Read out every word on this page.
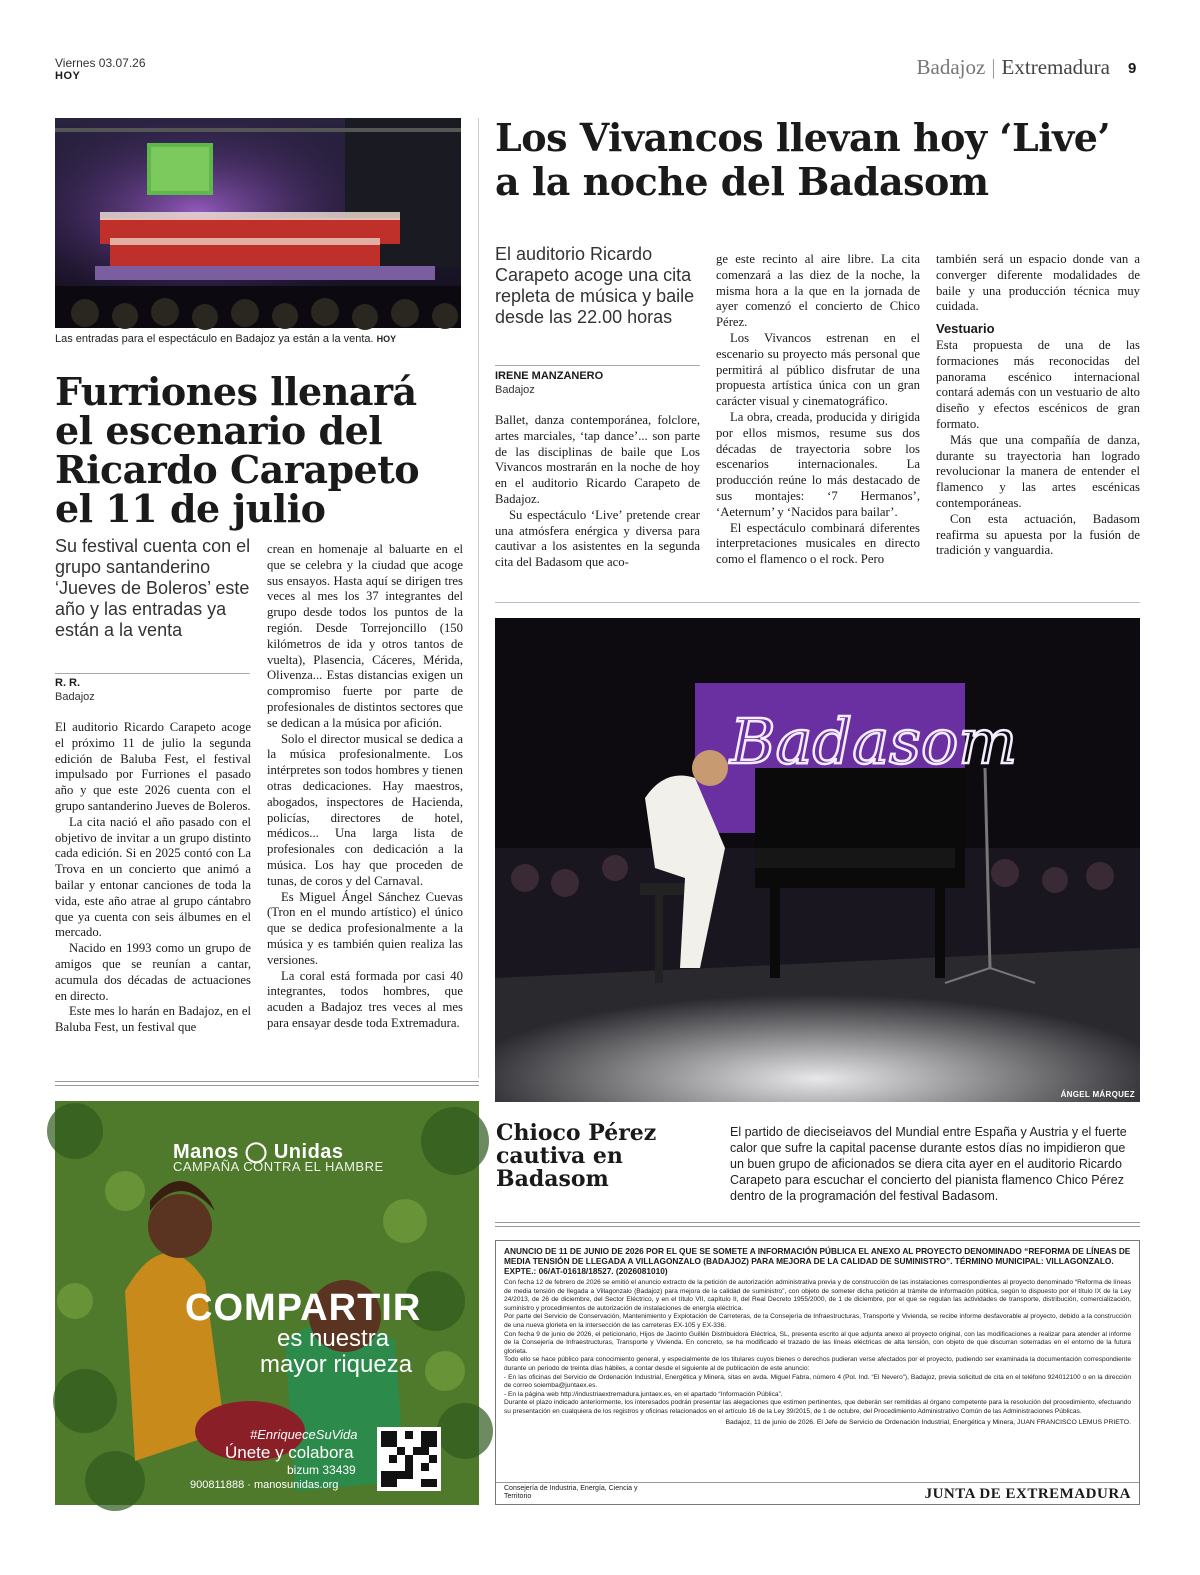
Viernes 03.07.26
HOY	Badajoz | Extremadura 9
Las entradas para el espectáculo en Badajoz ya están a la venta. HOY
Furriones llenará el escenario del Ricardo Carapeto el 11 de julio
Su festival cuenta con el grupo santanderino ‘Jueves de Boleros’ este año y las entradas ya están a la venta
R. R.
Badajoz

El auditorio Ricardo Carapeto acoge el próximo 11 de julio la segunda edición de Baluba Fest, el festival impulsado por Furriones el pasado año y que este 2026 cuenta con el grupo santanderino Jueves de Boleros.

La cita nació el año pasado con el objetivo de invitar a un grupo distinto cada edición. Si en 2025 contó con La Trova en un concierto que animó a bailar y entonar canciones de toda la vida, este año atrae al grupo cántabro que ya cuenta con seis álbumes en el mercado.

Nacido en 1993 como un grupo de amigos que se reunían a cantar, acumula dos décadas de actuaciones en directo.

Este mes lo harán en Badajoz, en el Baluba Fest, un festival que

crean en homenaje al baluarte en el que se celebra y la ciudad que acoge sus ensayos. Hasta aquí se dirigen tres veces al mes los 37 integrantes del grupo desde todos los puntos de la región. Desde Torrejoncillo (150 kilómetros de ida y otros tantos de vuelta), Plasencia, Cáceres, Mérida, Olivenza... Estas distancias exigen un compromiso fuerte por parte de profesionales de distintos sectores que se dedican a la música por afición.

Solo el director musical se dedica a la música profesionalmente. Los intérpretes son todos hombres y tienen otras dedicaciones. Hay maestros, abogados, inspectores de Hacienda, policías, directores de hotel, médicos... Una larga lista de profesionales con dedicación a la música. Los hay que proceden de tunas, de coros y del Carnaval.

Es Miguel Ángel Sánchez Cuevas (Tron en el mundo artístico) el único que se dedica profesionalmente a la música y es también quien realiza las versiones.

La coral está formada por casi 40 integrantes, todos hombres, que acuden a Badajoz tres veces al mes para ensayar desde toda Extremadura.

Los Vivancos llevan hoy ‘Live’ a la noche del Badasom
El auditorio Ricardo Carapeto acoge una cita repleta de música y baile desde las 22.00 horas
IRENE MANZANERO
Badajoz

Ballet, danza contemporánea, folclore, artes marciales, ‘tap dance’... son parte de las disciplinas de baile que Los Vivancos mostrarán en la noche de hoy en el auditorio Ricardo Carapeto de Badajoz.

Su espectáculo ‘Live’ pretende crear una atmósfera enérgica y diversa para cautivar a los asistentes en la segunda cita del Badasom que aco-

ge este recinto al aire libre. La cita comenzará a las diez de la noche, la misma hora a la que en la jornada de ayer comenzó el concierto de Chico Pérez.

Los Vivancos estrenan en el escenario su proyecto más personal que permitirá al público disfrutar de una propuesta artística única con un gran carácter visual y cinematográfico.

La obra, creada, producida y dirigida por ellos mismos, resume sus dos décadas de trayectoria sobre los escenarios internacionales. La producción reúne lo más destacado de sus montajes: ‘7 Hermanos’, ‘Aeternum’ y ‘Nacidos para bailar’.

El espectáculo combinará diferentes interpretaciones musicales en directo como el flamenco o el rock. Pero

también será un espacio donde van a converger diferente modalidades de baile y una producción técnica muy cuidada.

Vestuario

Esta propuesta de una de las formaciones más reconocidas del panorama escénico internacional contará además con un vestuario de alto diseño y efectos escénicos de gran formato.

Más que una compañía de danza, durante su trayectoria han logrado revolucionar la manera de entender el flamenco y las artes escénicas contemporáneas.

Con esta actuación, Badasom reafirma su apuesta por la fusión de tradición y vanguardia.

Badasom
ÁNGEL MÁRQUEZ
Chioco Pérez cautiva en Badasom
El partido de dieciseiavos del Mundial entre España y Austria y el fuerte calor que sufre la capital pacense durante estos días no impidieron que un buen grupo de aficionados se diera cita ayer en el auditorio Ricardo Carapeto para escuchar el concierto del pianista flamenco Chico Pérez dentro de la programación del festival Badasom.
Manos ◯ Unidas
CAMPAÑA CONTRA EL HAMBRE
COMPARTIR
es nuestra
mayor riqueza
#EnriqueceSuVida
Únete y colabora
bizum 33439
900811888 · manosunidas.org
ANUNCIO DE 11 DE JUNIO DE 2026 POR EL QUE SE SOMETE A INFORMACIÓN PÚBLICA EL ANEXO AL PROYECTO DENOMINADO “REFORMA DE LÍNEAS DE MEDIA TENSIÓN DE LLEGADA A VILLAGONZALO (BADAJOZ) PARA MEJORA DE LA CALIDAD DE SUMINISTRO”. TÉRMINO MUNICIPAL: VILLAGONZALO. EXPTE.: 06/AT-01618/18527. (2026081010)

Con fecha 12 de febrero de 2026 se emitió el anuncio extracto de la petición de autorización administrativa previa y de construcción de las instalaciones correspondientes al proyecto denominado “Reforma de líneas de media tensión de llegada a Villagonzalo (Badajoz) para mejora de la calidad de suministro”, con objeto de someter dicha petición al trámite de información pública, según lo dispuesto por el título IX de la Ley 24/2013, de 26 de diciembre, del Sector Eléctrico, y en el título VII, capítulo II, del Real Decreto 1955/2000, de 1 de diciembre, por el que se regulan las actividades de transporte, distribución, comercialización, suministro y procedimientos de autorización de instalaciones de energía eléctrica.

Por parte del Servicio de Conservación, Mantenimiento y Explotación de Carreteras, de la Consejería de Infraestructuras, Transporte y Vivienda, se recibe informe desfavorable al proyecto, debido a la construcción de una nueva glorieta en la intersección de las carreteras EX-105 y EX-336.

Con fecha 9 de junio de 2026, el peticionario, Hijos de Jacinto Guillén Distribuidora Eléctrica, SL, presenta escrito al que adjunta anexo al proyecto original, con las modificaciones a realizar para atender al informe de la Consejería de Infraestructuras, Transporte y Vivienda. En concreto, se ha modificado el trazado de las líneas eléctricas de alta tensión, con objeto de que discurran soterradas en el entorno de la futura glorieta.

Todo ello se hace público para conocimiento general, y especialmente de los titulares cuyos bienes o derechos pudieran verse afectados por el proyecto, pudiendo ser examinada la documentación correspondiente durante un periodo de treinta días hábiles, a contar desde el siguiente al de publicación de este anuncio:

- En las oficinas del Servicio de Ordenación Industrial, Energética y Minera, sitas en avda. Miguel Fabra, número 4 (Pol. Ind. “El Nevero”), Badajoz, previa solicitud de cita en el teléfono 924012100 o en la dirección de correo soiemba@juntaex.es.

- En la página web http://industriaextremadura.juntaex.es, en el apartado “Información Pública”.

Durante el plazo indicado anteriormente, los interesados podrán presentar las alegaciones que estimen pertinentes, que deberán ser remitidas al órgano competente para la resolución del procedimiento, efectuando su presentación en cualquiera de los registros y oficinas relacionados en el artículo 16 de la Ley 39/2015, de 1 de octubre, del Procedimiento Administrativo Común de las Administraciones Públicas.

Badajoz, 11 de junio de 2026. El Jefe de Servicio de Ordenación Industrial, Energética y Minera, JUAN FRANCISCO LEMUS PRIETO.
Consejería de Industria, Energía, Ciencia y Territorio	JUNTA DE EXTREMADURA
